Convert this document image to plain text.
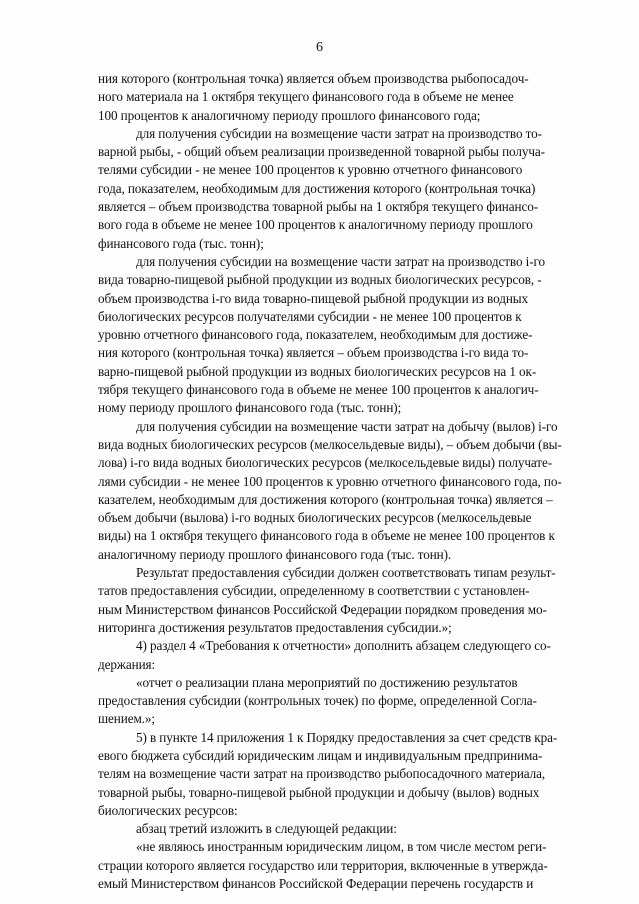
6
ния которого (контрольная точка) является объем производства рыбопосадоч-
ного материала на 1 октября текущего финансового года в объеме не менее
100 процентов к аналогичному периоду прошлого финансового года;
для получения субсидии на возмещение части затрат на производство то-
варной рыбы, - общий объем реализации произведенной товарной рыбы получа-
телями субсидии - не менее 100 процентов к уровню отчетного финансового
года, показателем, необходимым для достижения которого (контрольная точка)
является – объем производства товарной рыбы на 1 октября текущего финансо-
вого года в объеме не менее 100 процентов к аналогичному периоду прошлого
финансового года (тыс. тонн);
для получения субсидии на возмещение части затрат на производство i-го
вида товарно-пищевой рыбной продукции из водных биологических ресурсов, -
объем производства i-го вида товарно-пищевой рыбной продукции из водных
биологических ресурсов получателями субсидии - не менее 100 процентов к
уровню отчетного финансового года, показателем, необходимым для достиже-
ния которого (контрольная точка) является – объем производства i-го вида то-
варно-пищевой рыбной продукции из водных биологических ресурсов на 1 ок-
тября текущего финансового года в объеме не менее 100 процентов к аналогич-
ному периоду прошлого финансового года (тыс. тонн);
для получения субсидии на возмещение части затрат на добычу (вылов) i-го
вида водных биологических ресурсов (мелкосельдевые виды), – объем добычи (вы-
лова) i-го вида водных биологических ресурсов (мелкосельдевые виды) получате-
лями субсидии - не менее 100 процентов к уровню отчетного финансового года, по-
казателем, необходимым для достижения которого (контрольная точка) является –
объем добычи (вылова) i-го водных биологических ресурсов (мелкосельдевые
виды) на 1 октября текущего финансового года в объеме не менее 100 процентов к
аналогичному периоду прошлого финансового года (тыс. тонн).
Результат предоставления субсидии должен соответствовать типам результ-
татов предоставления субсидии, определенному в соответствии с установлен-
ным Министерством финансов Российской Федерации порядком проведения мо-
ниторинга достижения результатов предоставления субсидии.»;
4) раздел 4 «Требования к отчетности» дополнить абзацем следующего со-
держания:
«отчет о реализации плана мероприятий по достижению результатов
предоставления субсидии (контрольных точек) по форме, определенной Согла-
шением.»;
5) в пункте 14 приложения 1 к Порядку предоставления за счет средств кра-
евого бюджета субсидий юридическим лицам и индивидуальным предпринима-
телям на возмещение части затрат на производство рыбопосадочного материала,
товарной рыбы, товарно-пищевой рыбной продукции и добычу (вылов) водных
биологических ресурсов:
абзац третий изложить в следующей редакции:
«не являюсь иностранным юридическим лицом, в том числе местом реги-
страции которого является государство или территория, включенные в утвержда-
емый Министерством финансов Российской Федерации перечень государств и
